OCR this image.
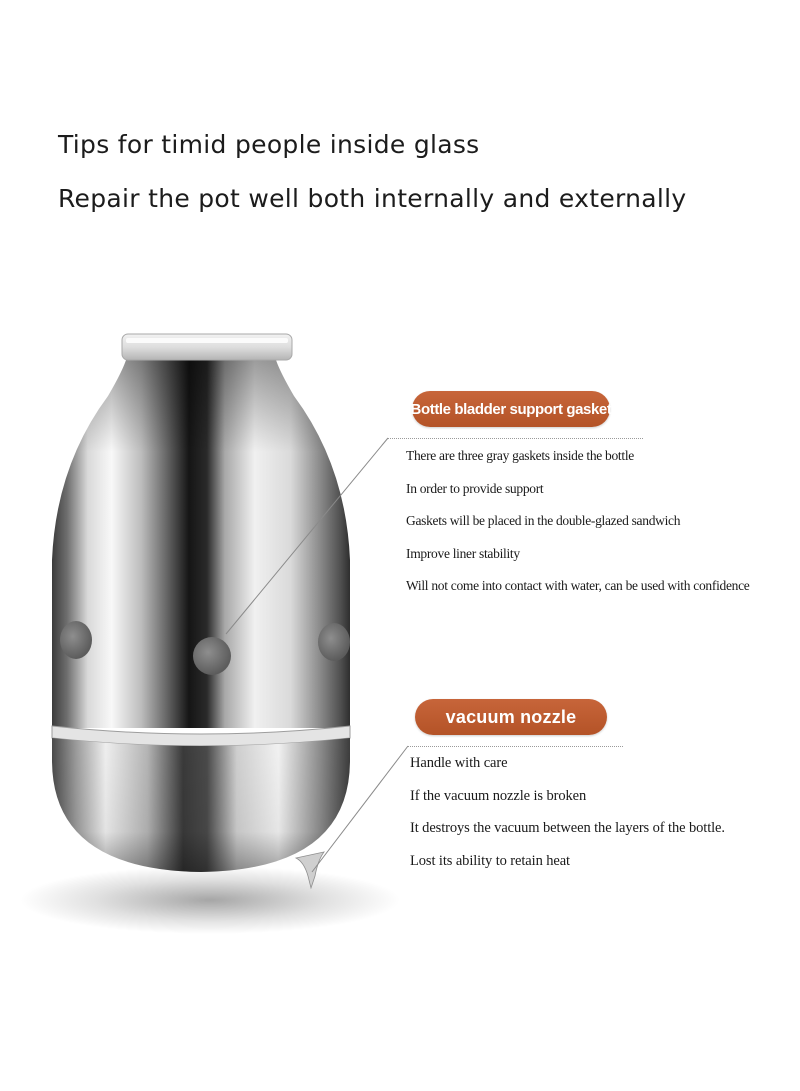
Tips for timid people inside glass
Repair the pot well both internally and externally
Bottle bladder support gasket
There are three gray gaskets inside the bottle
In order to provide support
Gaskets will be placed in the double-glazed sandwich
Improve liner stability
Will not come into contact with water, can be used with confidence
vacuum nozzle
Handle with care
If the vacuum nozzle is broken
It destroys the vacuum between the layers of the bottle.
Lost its ability to retain heat
